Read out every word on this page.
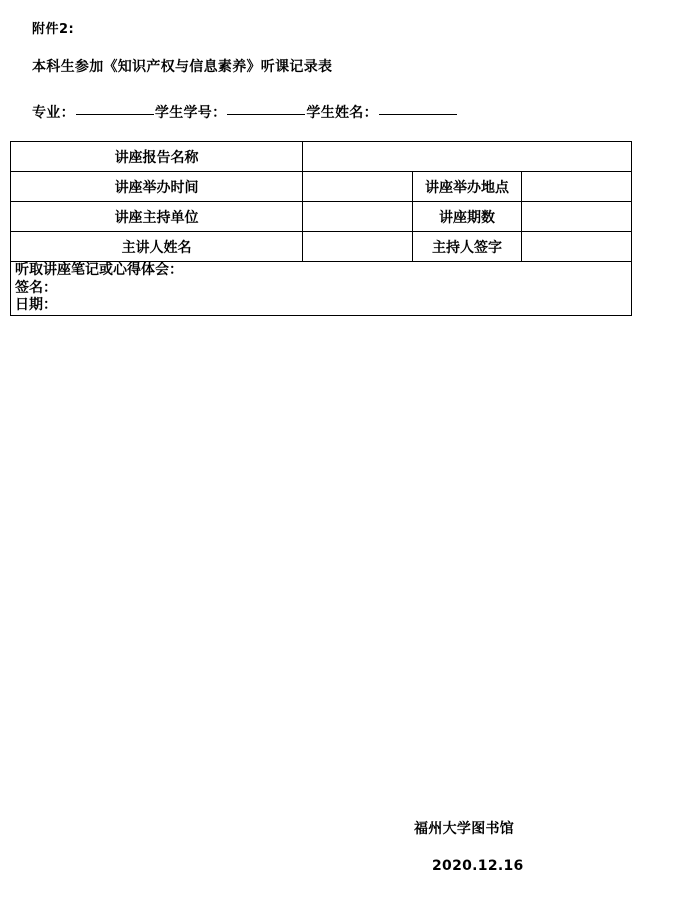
附件2:
本科生参加《知识产权与信息素养》听课记录表
专业：	学生学号：	学生姓名：
讲座报告名称			
讲座举办时间		讲座举办地点	
讲座主持单位		讲座期数	
主讲人姓名		主持人签字	

听取讲座笔记或心得体会：
签名：
日期：			
福州大学图书馆
2020.12.16
